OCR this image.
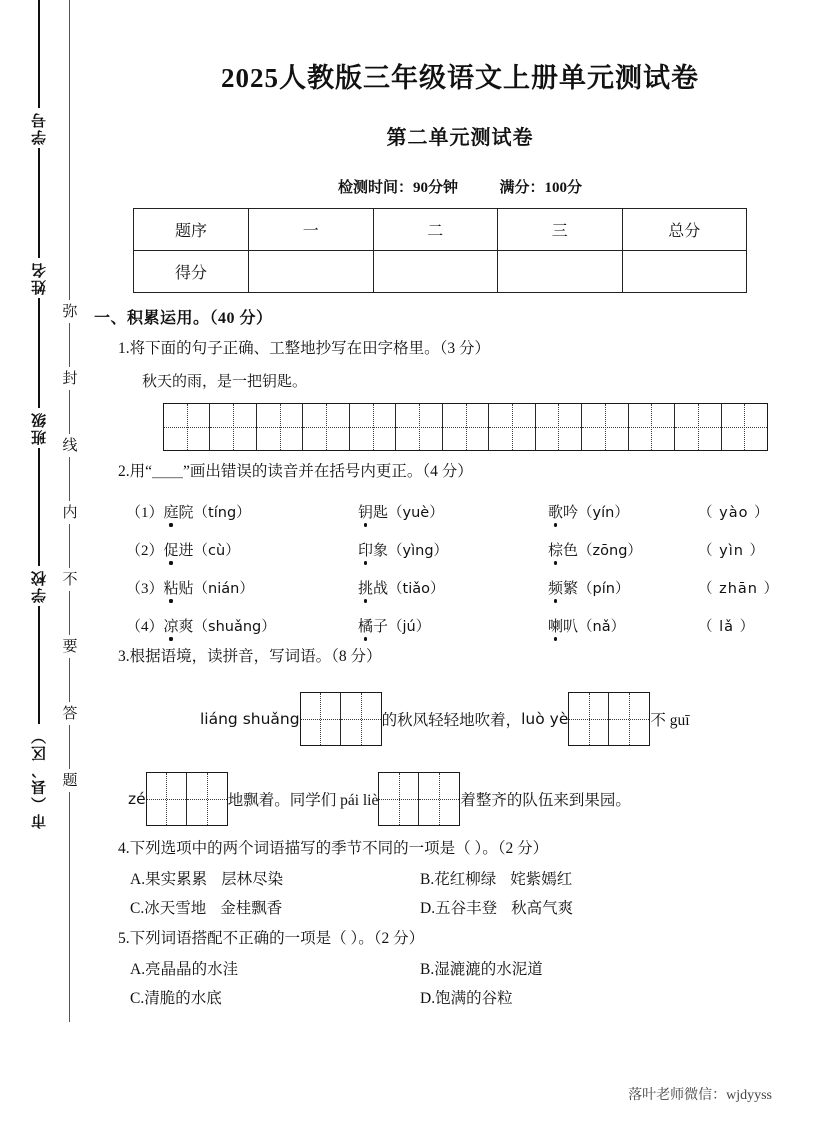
学号
姓名
班级
学校
市（县、区）
弥
封
线
内
不
要
答
题
2025人教版三年级语文上册单元测试卷
第二单元测试卷

检测时间：90分钟	满分：100分

题序	一	二	三	总分
得分				
一、积累运用。（40 分）
1.将下面的句子正确、工整地抄写在田字格里。（3 分）
秋天的雨，是一把钥匙。
2.用“＿＿”画出错误的读音并在括号内更正。（4 分）
（1）庭院（tíng）	钥匙（yuè）	歌吟（yín）	（ yào ）
（2）促进（cù）	印象（yìng）	棕色（zōng）	（ yìn ）
（3）粘贴（nián）	挑战（tiǎo）	频繁（pín）	（ zhān ）
（4）凉爽（shuǎng）	橘子（jú）	喇叭（nǎ）	（ lǎ ）
3.根据语境，读拼音，写词语。（8 分）
liáng shuǎng	的秋风轻轻地吹着， luò yè	不 guī
zé	地飘着。同学们 pái liè	着整齐的队伍来到果园。
4.下列选项中的两个词语描写的季节不同的一项是（ ）。（2 分）
A.果实累累 层林尽染	B.花红柳绿 姹紫嫣红
C.冰天雪地 金桂飘香	D.五谷丰登 秋高气爽
5.下列词语搭配不正确的一项是（ ）。（2 分）
A.亮晶晶的水洼	B.湿漉漉的水泥道
C.清脆的水底	D.饱满的谷粒
落叶老师微信：wjdyyss
